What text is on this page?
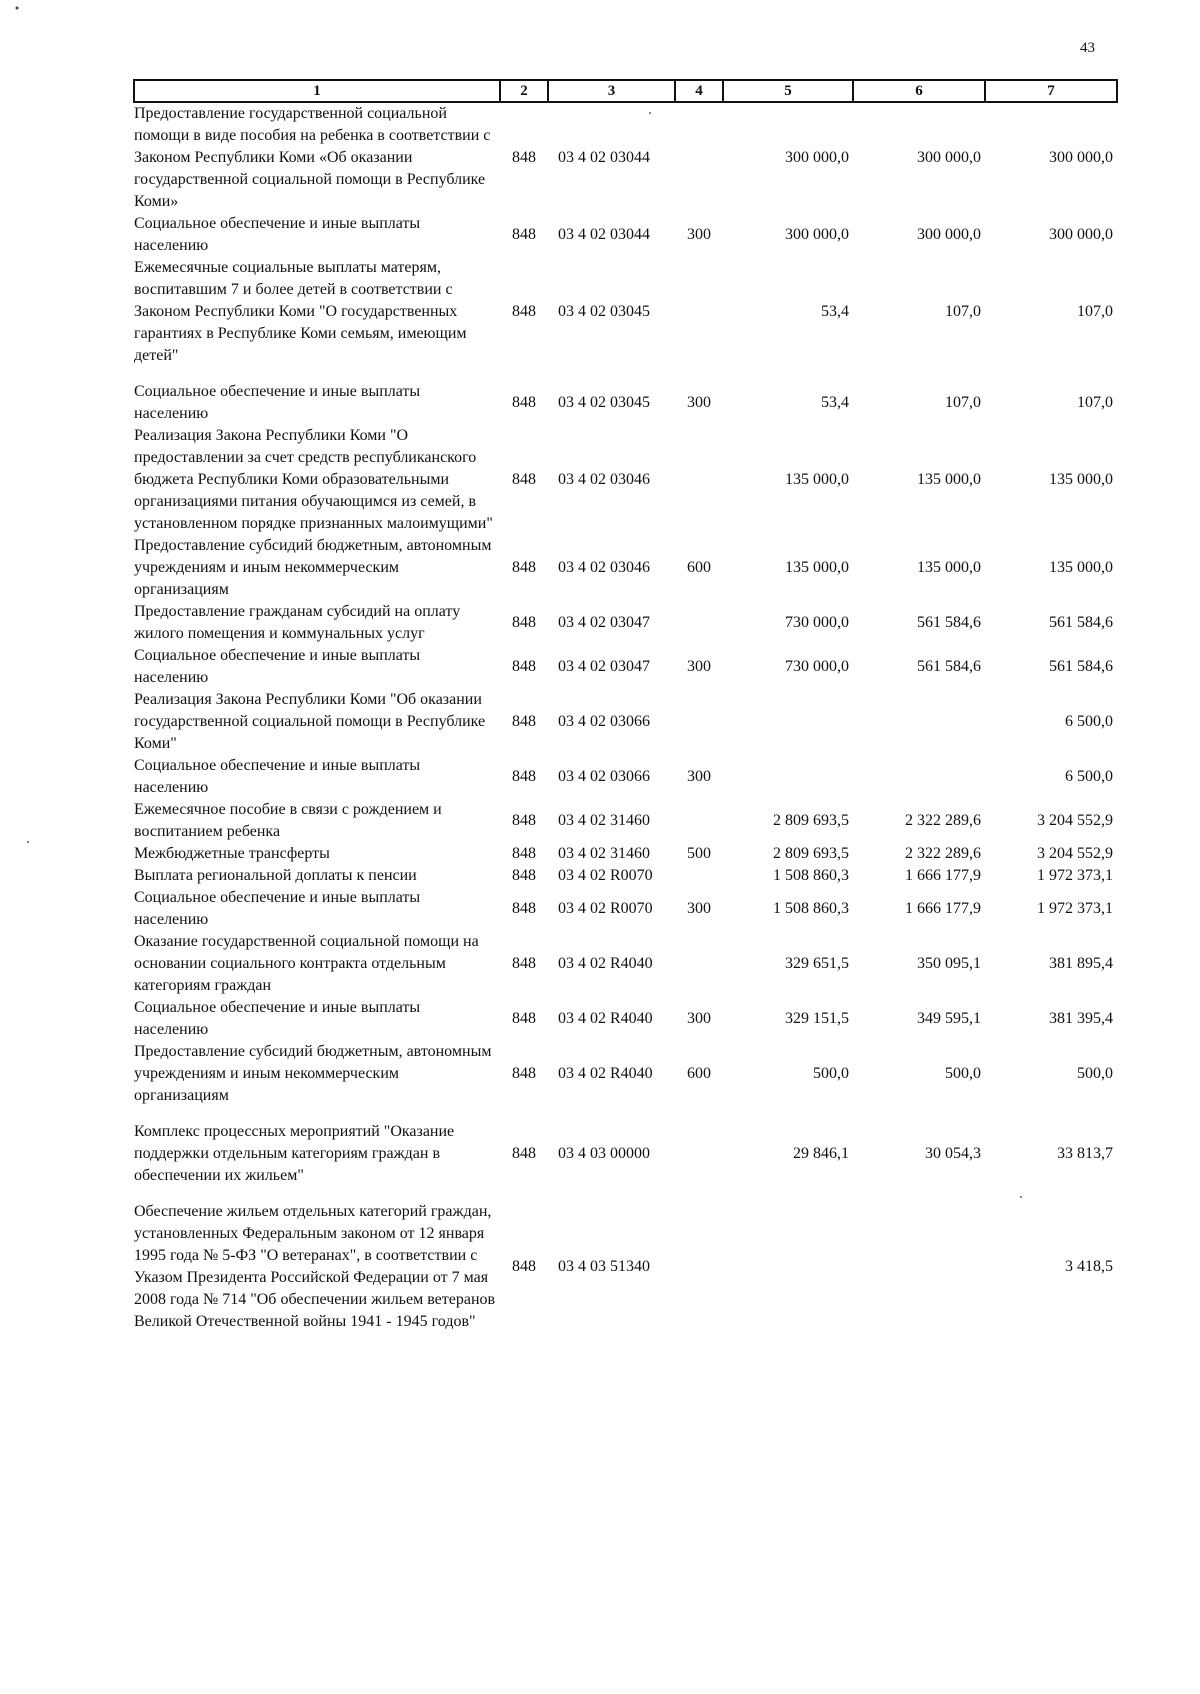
43
1	2	3	4	5	6	7
Предоставление государственной социальной помощи в виде пособия на ребенка в соответствии с Законом Республики Коми «Об оказании государственной социальной помощи в Республике Коми»	848	03 4 02 03044		300 000,0	300 000,0	300 000,0
Социальное обеспечение и иные выплаты населению	848	03 4 02 03044	300	300 000,0	300 000,0	300 000,0
Ежемесячные социальные выплаты матерям, воспитавшим 7 и более детей в соответствии с Законом Республики Коми "О государственных гарантиях в Республике Коми семьям, имеющим детей"	848	03 4 02 03045		53,4	107,0	107,0

Социальное обеспечение и иные выплаты населению	848	03 4 02 03045	300	53,4	107,0	107,0
Реализация Закона Республики Коми "О предоставлении за счет средств республиканского бюджета Республики Коми образовательными организациями питания обучающимся из семей, в установленном порядке признанных малоимущими"	848	03 4 02 03046		135 000,0	135 000,0	135 000,0
Предоставление субсидий бюджетным, автономным учреждениям и иным некоммерческим организациям	848	03 4 02 03046	600	135 000,0	135 000,0	135 000,0
Предоставление гражданам субсидий на оплату жилого помещения и коммунальных услуг	848	03 4 02 03047		730 000,0	561 584,6	561 584,6
Социальное обеспечение и иные выплаты населению	848	03 4 02 03047	300	730 000,0	561 584,6	561 584,6
Реализация Закона Республики Коми "Об оказании государственной социальной помощи в Республике Коми"	848	03 4 02 03066				6 500,0
Социальное обеспечение и иные выплаты населению	848	03 4 02 03066	300			6 500,0
Ежемесячное пособие в связи с рождением и воспитанием ребенка	848	03 4 02 31460		2 809 693,5	2 322 289,6	3 204 552,9
Межбюджетные трансферты	848	03 4 02 31460	500	2 809 693,5	2 322 289,6	3 204 552,9
Выплата региональной доплаты к пенсии	848	03 4 02 R0070		1 508 860,3	1 666 177,9	1 972 373,1
Социальное обеспечение и иные выплаты населению	848	03 4 02 R0070	300	1 508 860,3	1 666 177,9	1 972 373,1
Оказание государственной социальной помощи на основании социального контракта отдельным категориям граждан	848	03 4 02 R4040		329 651,5	350 095,1	381 895,4
Социальное обеспечение и иные выплаты населению	848	03 4 02 R4040	300	329 151,5	349 595,1	381 395,4
Предоставление субсидий бюджетным, автономным учреждениям и иным некоммерческим организациям	848	03 4 02 R4040	600	500,0	500,0	500,0

Комплекс процессных мероприятий "Оказание поддержки отдельным категориям граждан в обеспечении их жильем"	848	03 4 03 00000		29 846,1	30 054,3	33 813,7

Обеспечение жильем отдельных категорий граждан, установленных Федеральным законом от 12 января 1995 года № 5-ФЗ "О ветеранах", в соответствии с Указом Президента Российской Федерации от 7 мая 2008 года № 714 "Об обеспечении жильем ветеранов Великой Отечественной войны 1941 - 1945 годов"	848	03 4 03 51340				3 418,5
